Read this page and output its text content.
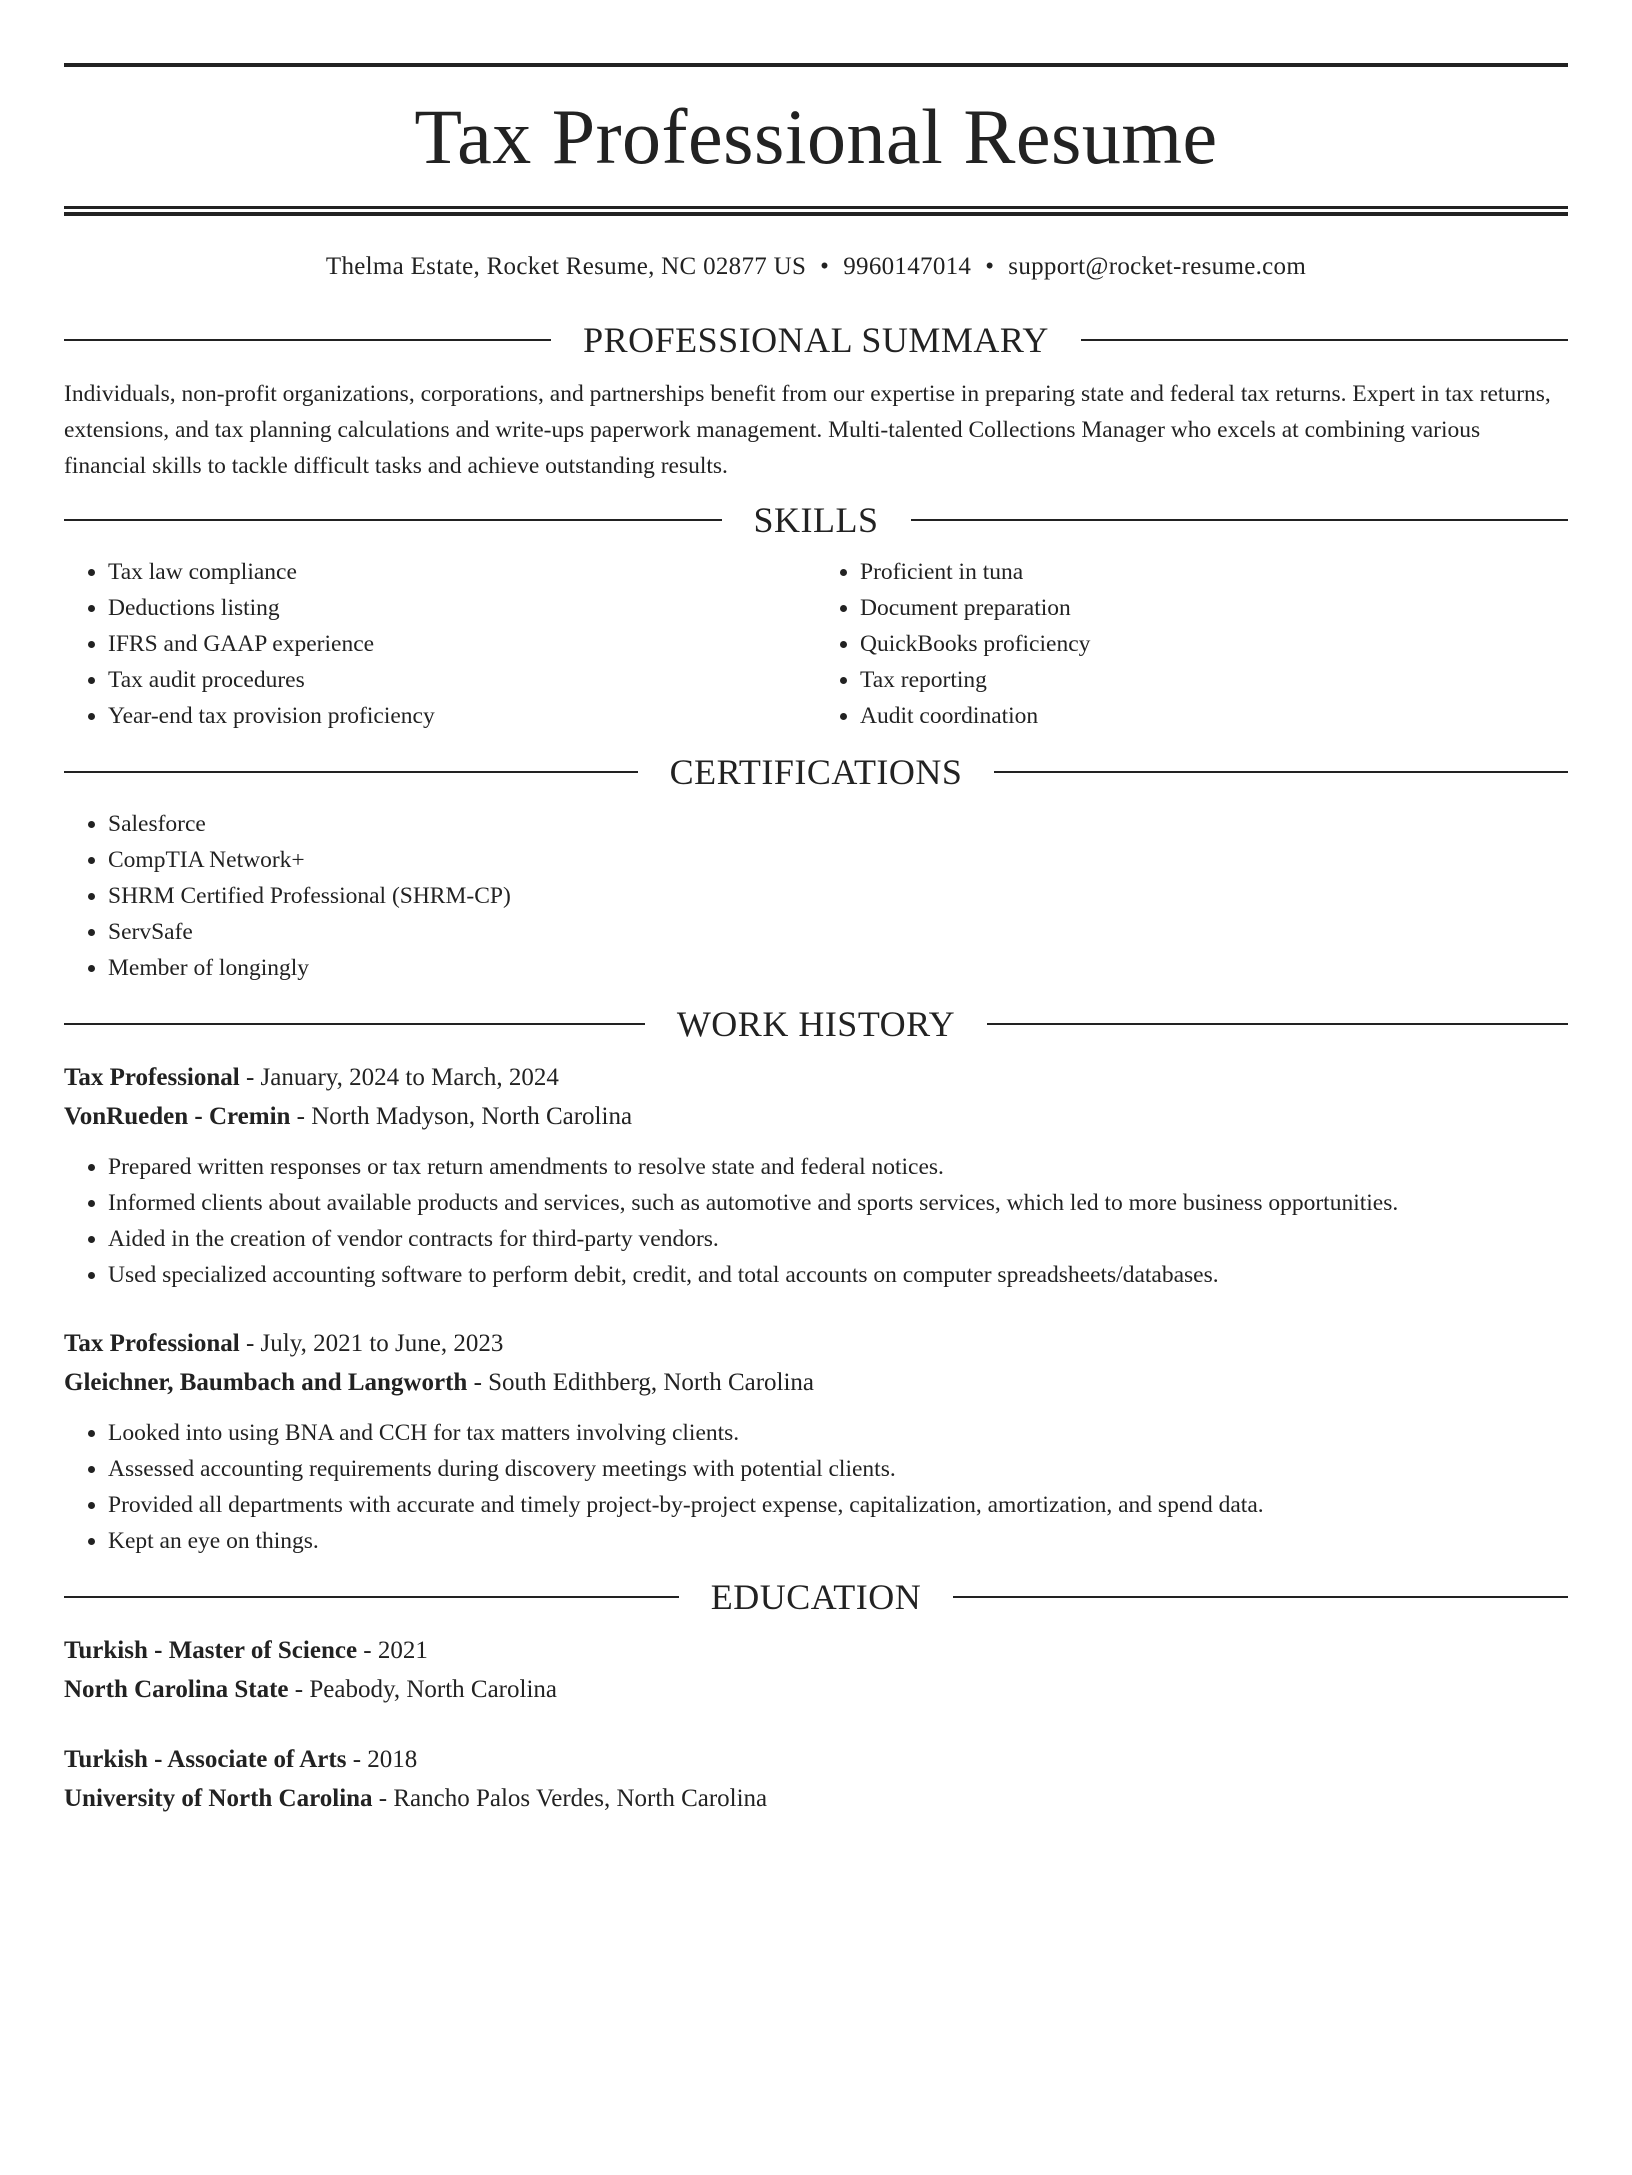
Tax Professional Resume
Thelma Estate, Rocket Resume, NC 02877 US • 9960147014 • support@rocket-resume.com
PROFESSIONAL SUMMARY

Individuals, non-profit organizations, corporations, and partnerships benefit from our expertise in preparing state and federal tax returns. Expert in tax returns, extensions, and tax planning calculations and write-ups paperwork management. Multi-talented Collections Manager who excels at combining various financial skills to tackle difficult tasks and achieve outstanding results.

SKILLS
• Tax law compliance
• Deductions listing
• IFRS and GAAP experience
• Tax audit procedures
• Year-end tax provision proficiency
• Proficient in tuna
• Document preparation
• QuickBooks proficiency
• Tax reporting
• Audit coordination
CERTIFICATIONS
• Salesforce
• CompTIA Network+
• SHRM Certified Professional (SHRM-CP)
• ServSafe
• Member of longingly
WORK HISTORY

Tax Professional - January, 2024 to March, 2024

VonRueden - Cremin - North Madyson, North Carolina

• Prepared written responses or tax return amendments to resolve state and federal notices.
• Informed clients about available products and services, such as automotive and sports services, which led to more business opportunities.
• Aided in the creation of vendor contracts for third-party vendors.
• Used specialized accounting software to perform debit, credit, and total accounts on computer spreadsheets/databases.

Tax Professional - July, 2021 to June, 2023

Gleichner, Baumbach and Langworth - South Edithberg, North Carolina

• Looked into using BNA and CCH for tax matters involving clients.
• Assessed accounting requirements during discovery meetings with potential clients.
• Provided all departments with accurate and timely project-by-project expense, capitalization, amortization, and spend data.
• Kept an eye on things.
EDUCATION

Turkish - Master of Science - 2021

North Carolina State - Peabody, North Carolina

Turkish - Associate of Arts - 2018

University of North Carolina - Rancho Palos Verdes, North Carolina
